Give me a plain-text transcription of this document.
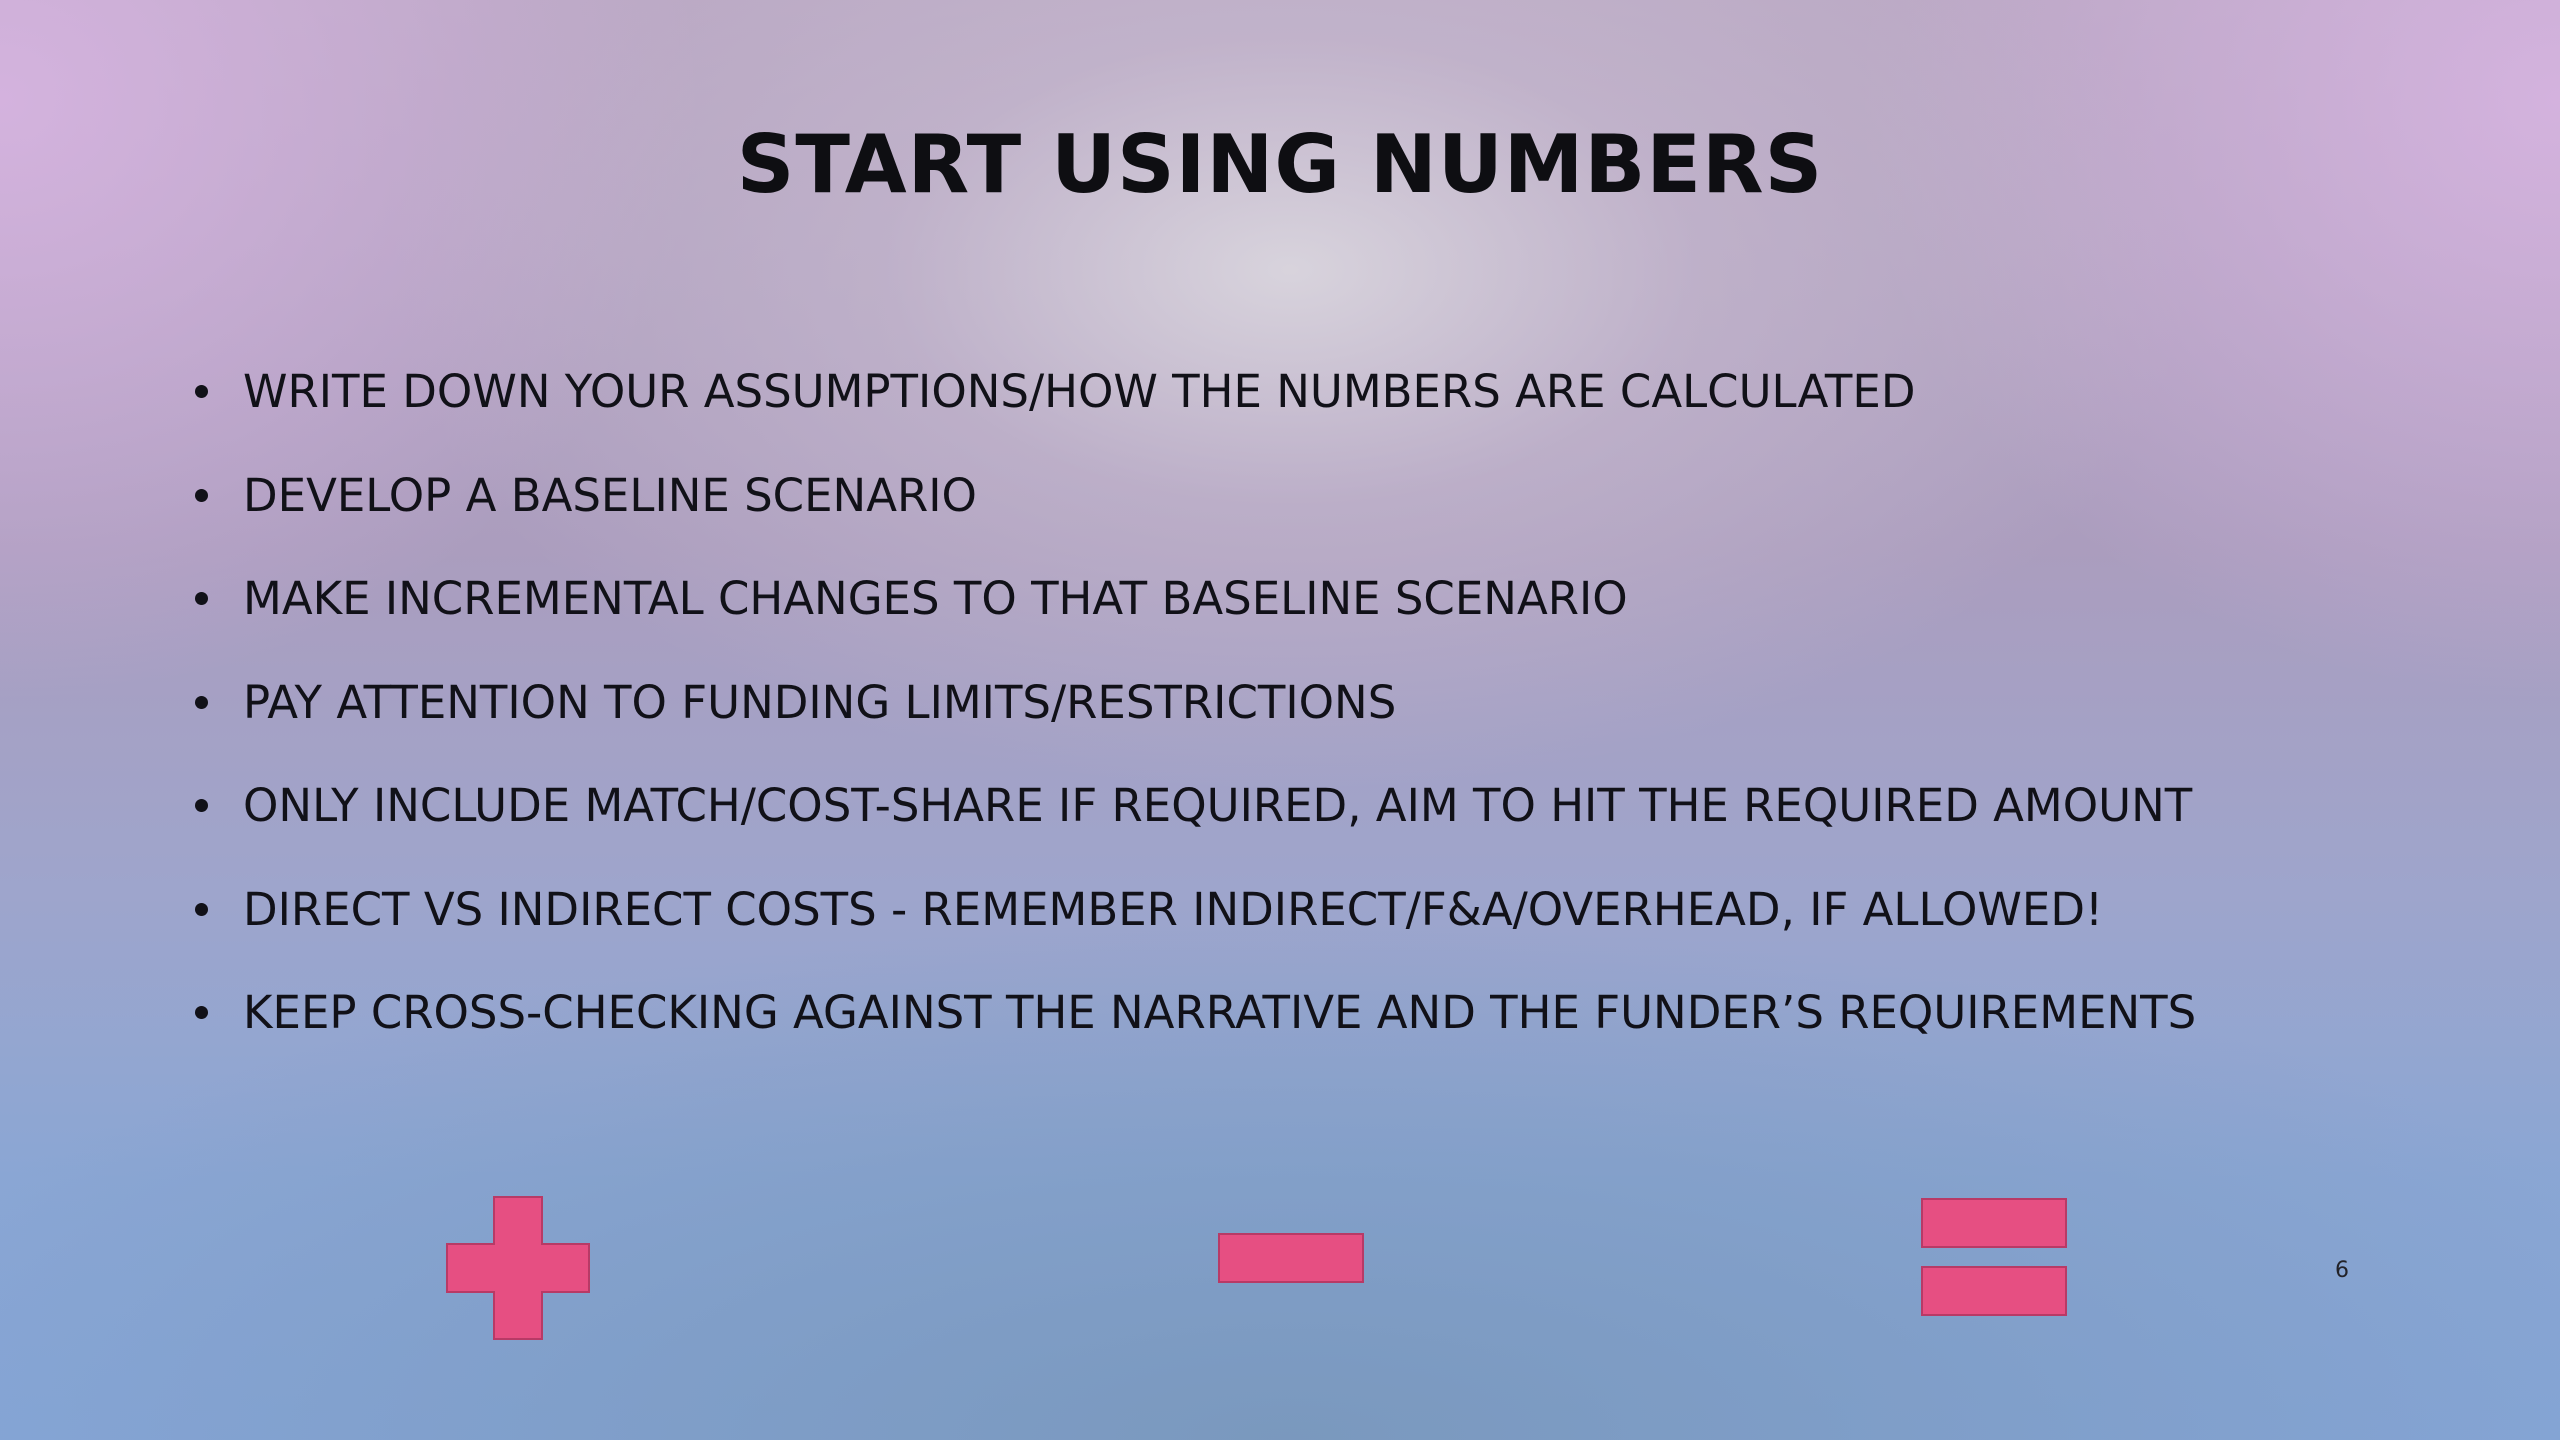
START USING NUMBERS
WRITE DOWN YOUR ASSUMPTIONS/HOW THE NUMBERS ARE CALCULATED
DEVELOP A BASELINE SCENARIO
MAKE INCREMENTAL CHANGES TO THAT BASELINE SCENARIO
PAY ATTENTION TO FUNDING LIMITS/RESTRICTIONS
ONLY INCLUDE MATCH/COST-SHARE IF REQUIRED, AIM TO HIT THE REQUIRED AMOUNT
DIRECT VS INDIRECT COSTS - REMEMBER INDIRECT/F&A/OVERHEAD, IF ALLOWED!
KEEP CROSS-CHECKING AGAINST THE NARRATIVE AND THE FUNDER’S REQUIREMENTS
6
